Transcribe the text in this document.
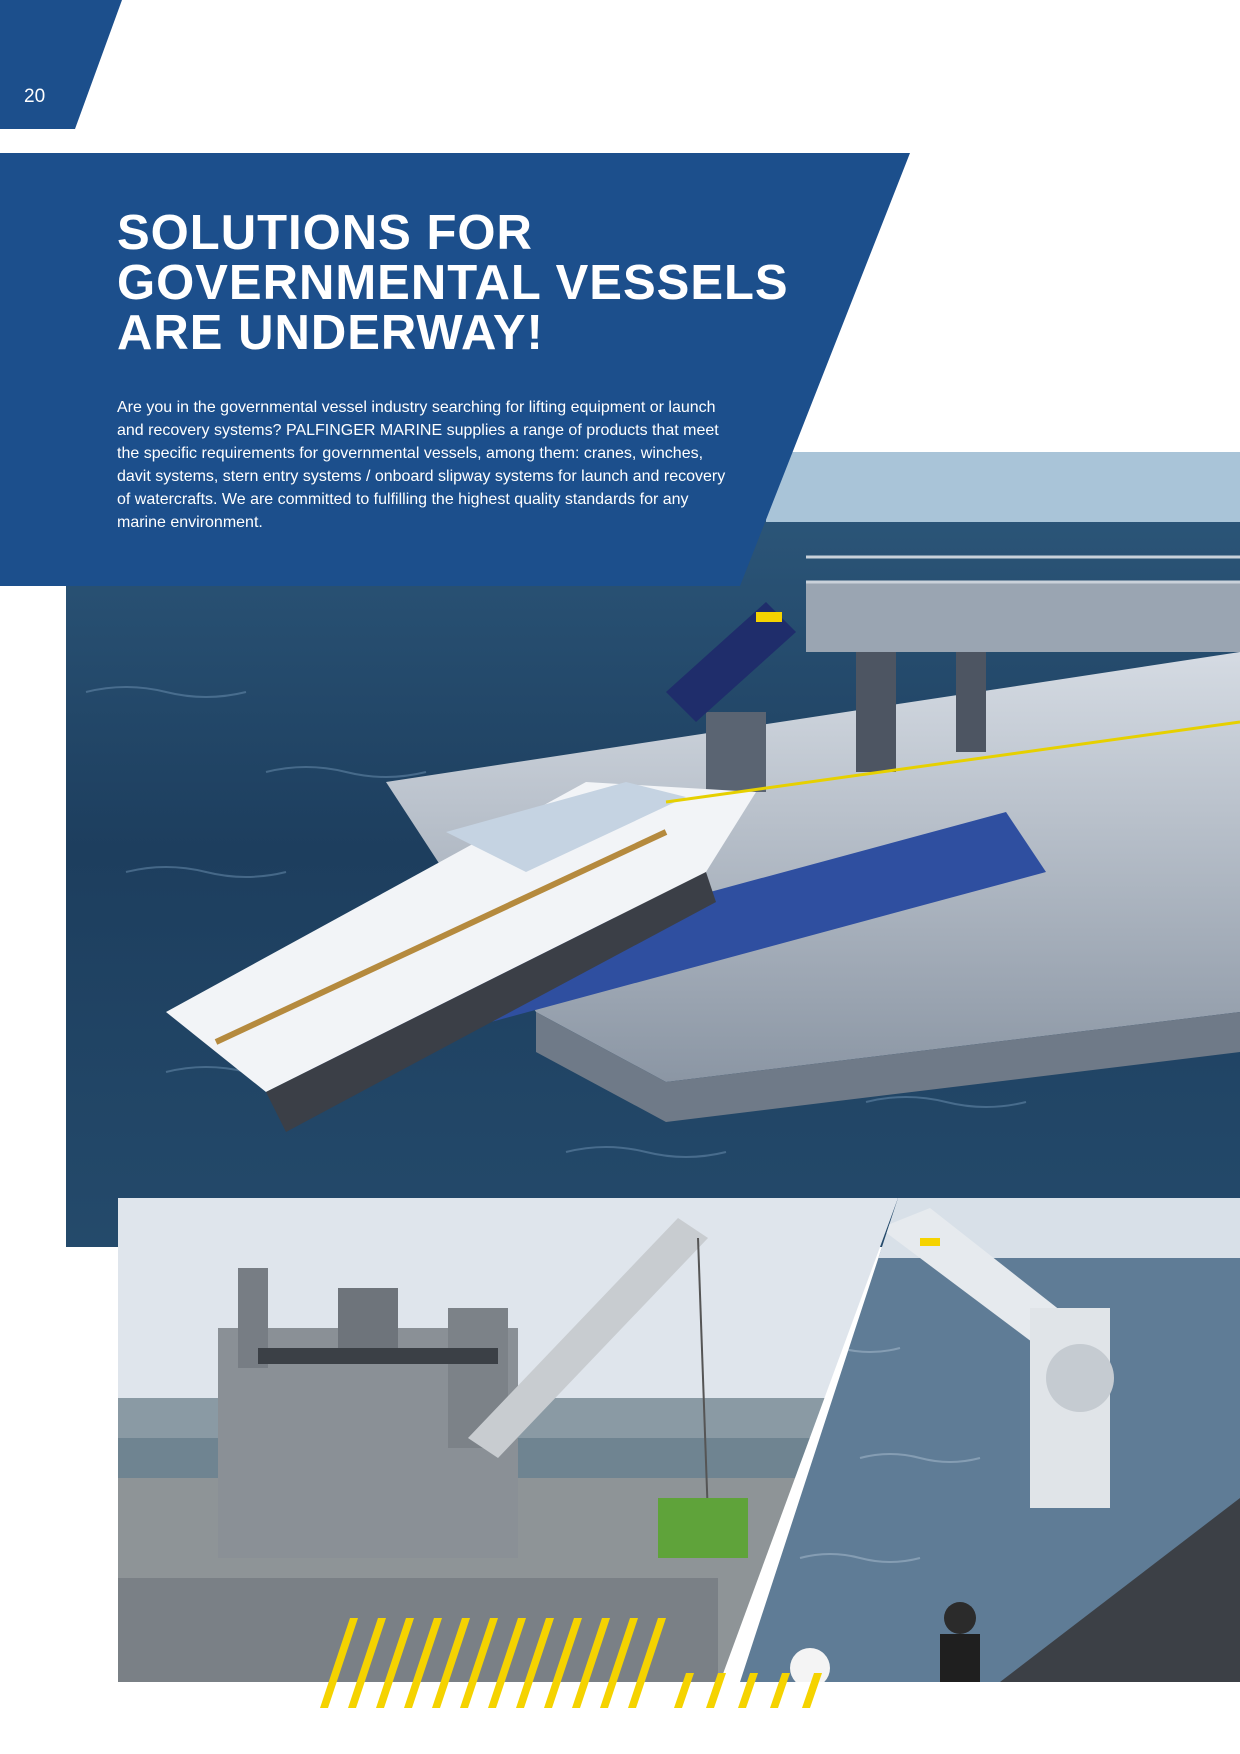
20
SOLUTIONS FOR
GOVERNMENTAL VESSELS
ARE UNDERWAY!

Are you in the governmental vessel industry searching for lifting equipment or launch and recovery systems? PALFINGER MARINE supplies a range of products that meet the specific requirements for governmental vessels, among them: cranes, winches, davit systems, stern entry systems / onboard slipway systems for launch and recovery of watercrafts. We are committed to fulfilling the highest quality standards for any marine environment.
